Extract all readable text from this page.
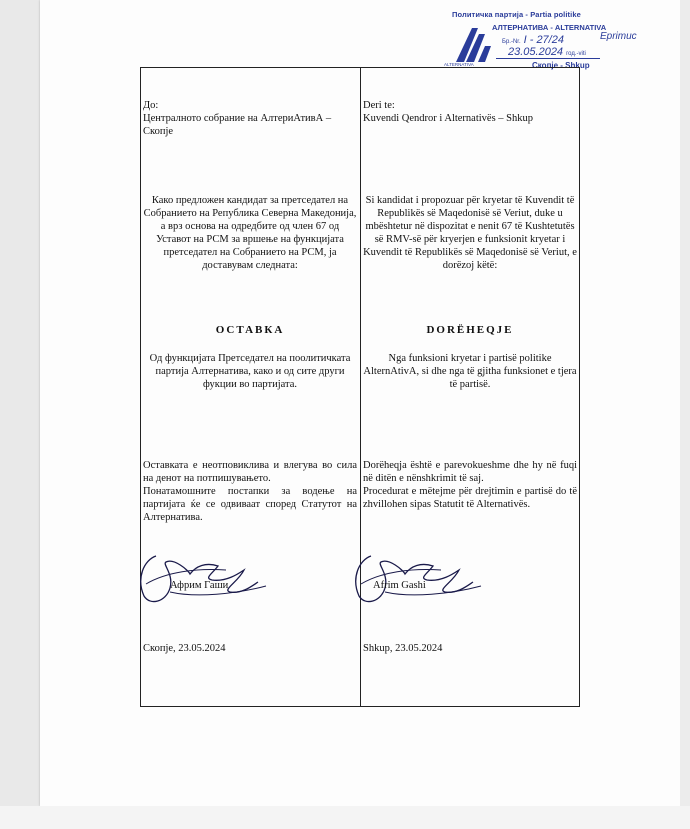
Политичка партија - Partia politike
АЛТЕРНАТИВА - ALTERNATIVA
Бр.-Nr. I - 27/24	Eprimuc
23.05.2024 год.-viti
ALTERNATIVA	Скопје - Shkup
До:
Централното собрание на АлтериАтивА – Скопје
Како предложен кандидат за претседател на Собранието на Република Северна Македонија, а врз основа на одредбите од член 67 од Уставот на РСМ за вршење на функцијата претседател на Собранието на РСМ, ја доставувам следната:
ОСТАВКА
Од функцијата Претседател на поолитичката партија Алтернатива, како и од сите други фукции во партијата.
Оставката е неотповиклива и влегува во сила на денот на потпишувањето.
Понатамошните постапки за водење на партијата ќе се одвиваат според Статутот на Алтернатива.
Африм Гаши
Скопје, 23.05.2024
Deri te:
Kuvendi Qendror i Alternativës – Shkup
Si kandidat i propozuar për kryetar të Kuvendit të Republikës së Maqedonisë së Veriut, duke u mbështetur në dispozitat e nenit 67 të Kushtetutës së RMV-së për kryerjen e funksionit kryetar i Kuvendit të Republikës së Maqedonisë së Veriut, e dorëzoj këtë:
DORËHEQJE
Nga funksioni kryetar i partisë politike AlternAtivA, si dhe nga të gjitha funksionet e tjera të partisë.
Dorëheqja është e parevokueshme dhe hy në fuqi në ditën e nënshkrimit të saj.
Procedurat e mëtejme për drejtimin e partisë do të zhvillohen sipas Statutit të Alternativës.
Afrim Gashi
Shkup, 23.05.2024
